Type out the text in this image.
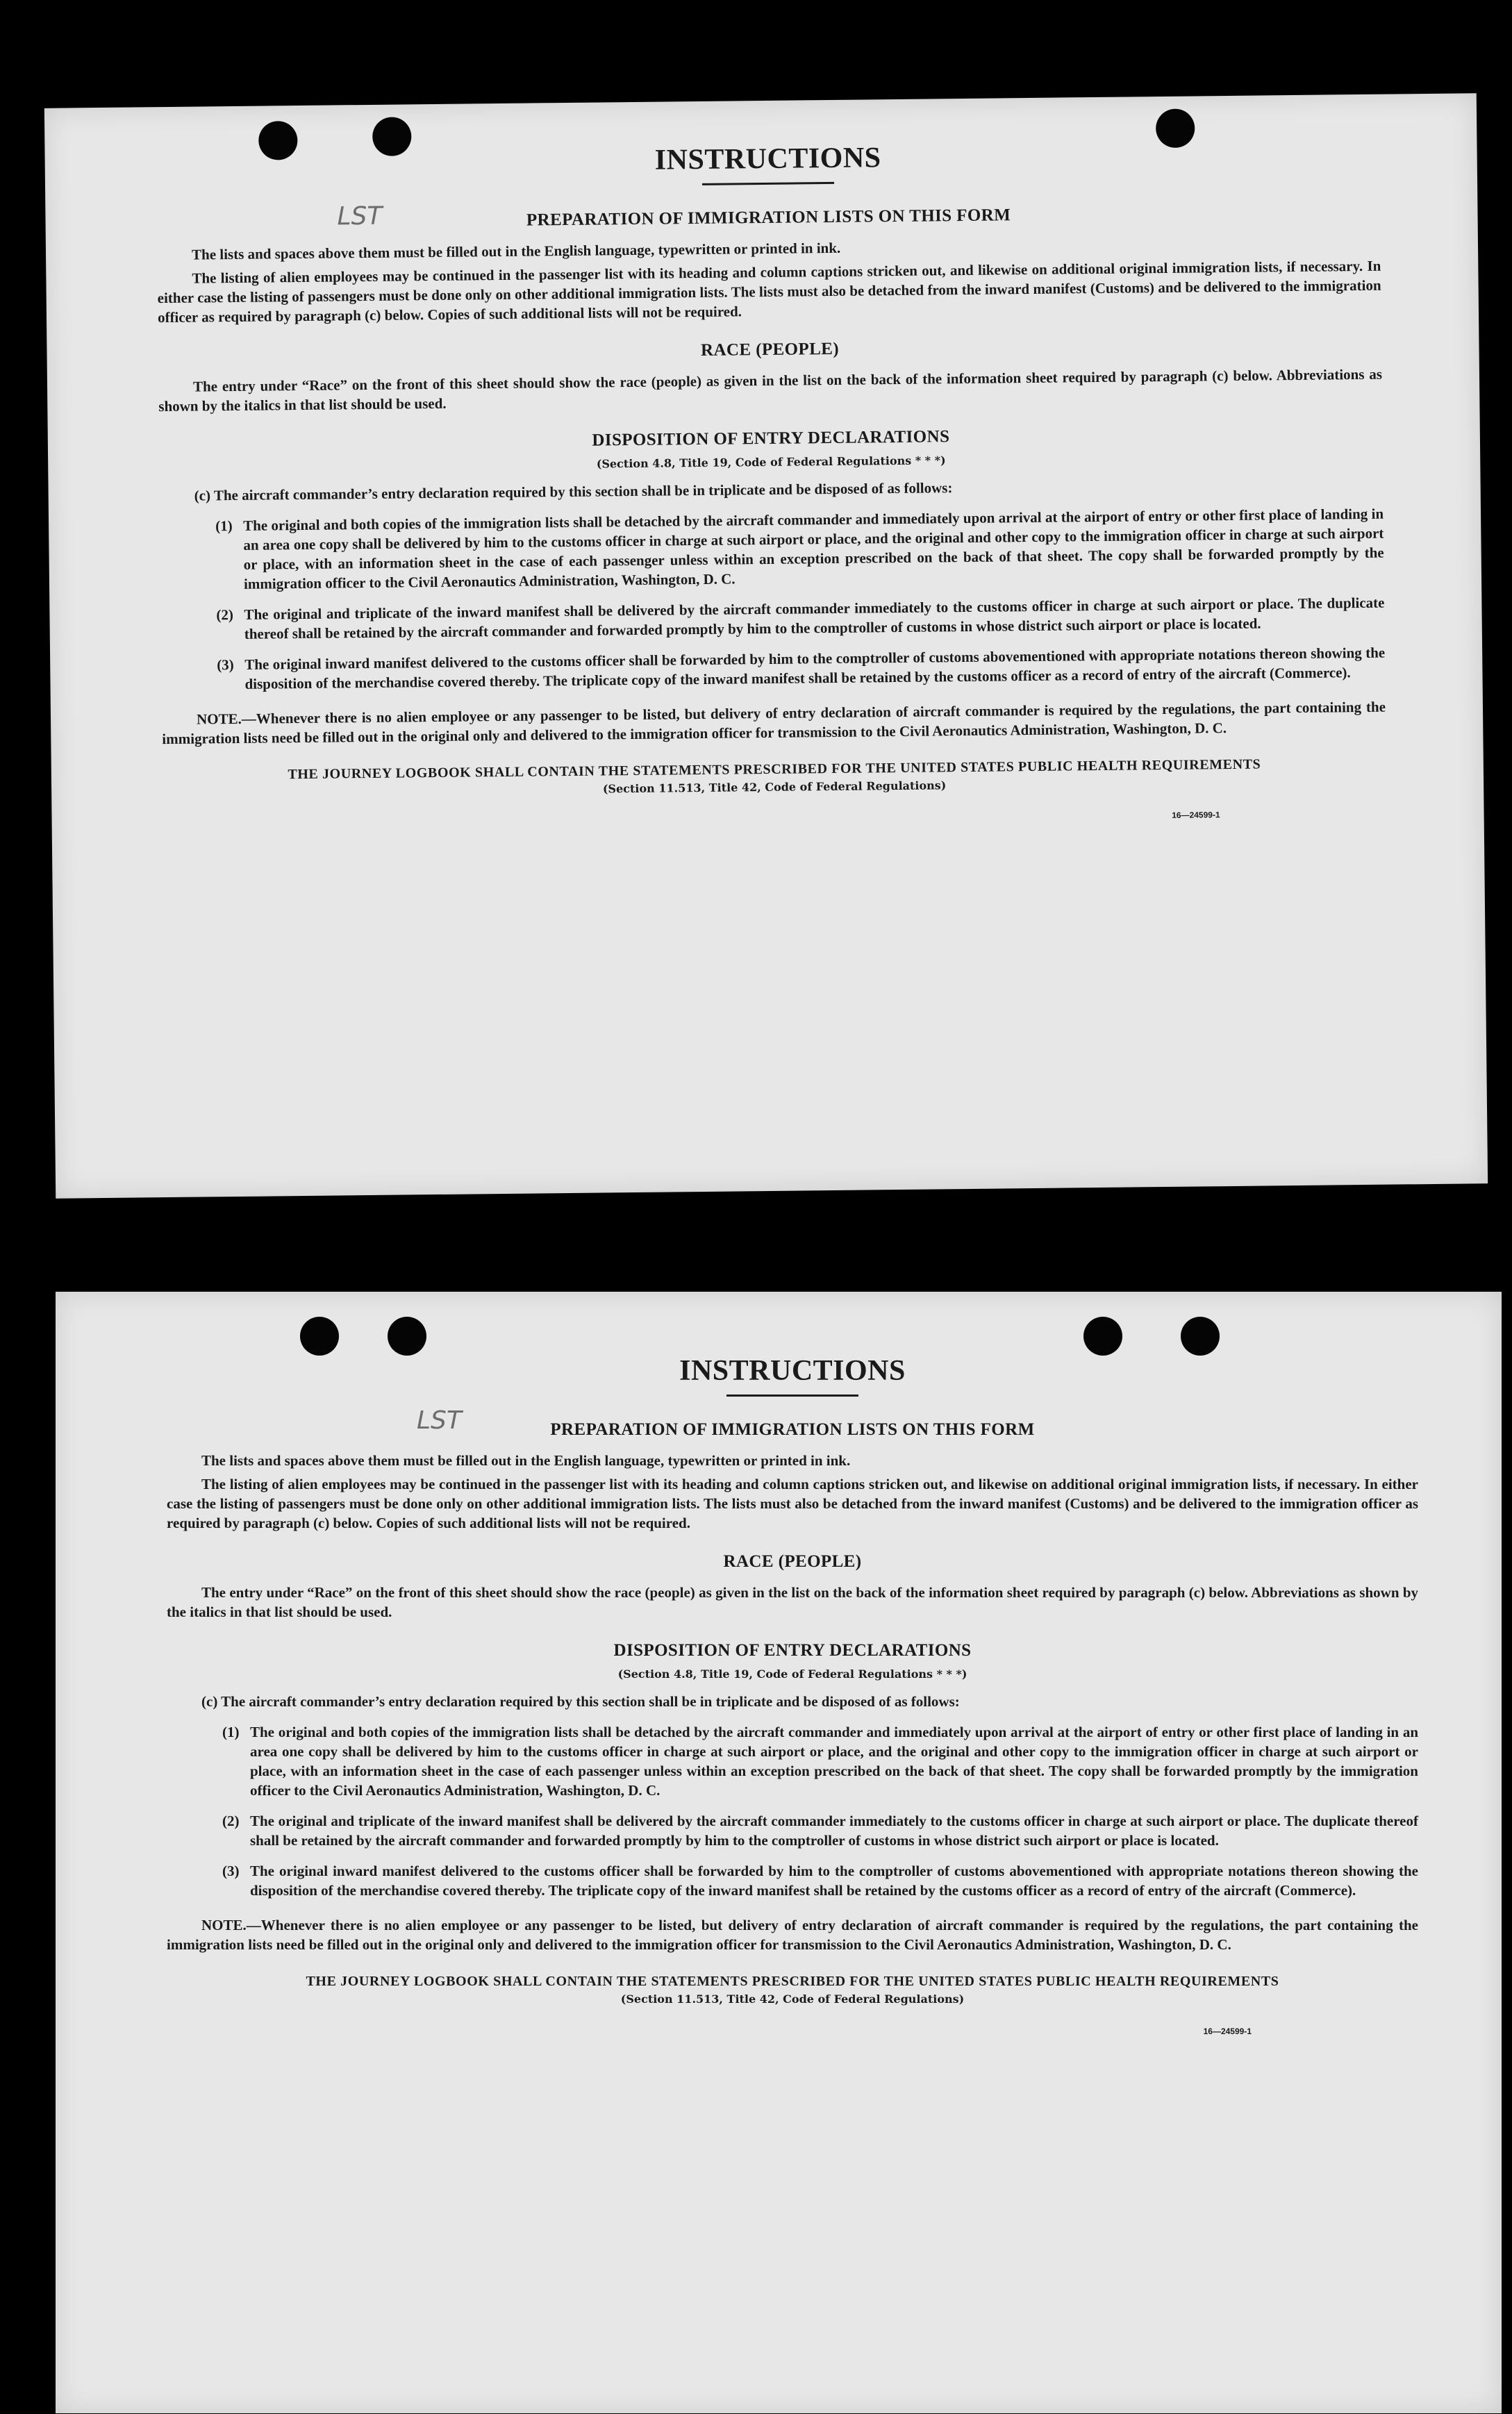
LST
INSTRUCTIONS
PREPARATION OF IMMIGRATION LISTS ON THIS FORM

The lists and spaces above them must be filled out in the English language, typewritten or printed in ink.

The listing of alien employees may be continued in the passenger list with its heading and column captions stricken out, and likewise on additional original immigration lists, if necessary. In either case the listing of passengers must be done only on other additional immigration lists. The lists must also be detached from the inward manifest (Customs) and be delivered to the immigration officer as required by paragraph (c) below. Copies of such additional lists will not be required.

RACE (PEOPLE)

The entry under “Race” on the front of this sheet should show the race (people) as given in the list on the back of the information sheet required by paragraph (c) below. Abbreviations as shown by the italics in that list should be used.

DISPOSITION OF ENTRY DECLARATIONS
(Section 4.8, Title 19, Code of Federal Regulations * * *)

(c) The aircraft commander’s entry declaration required by this section shall be in triplicate and be disposed of as follows:

(1) The original and both copies of the immigration lists shall be detached by the aircraft commander and immediately upon arrival at the airport of entry or other first place of landing in an area one copy shall be delivered by him to the customs officer in charge at such airport or place, and the original and other copy to the immigration officer in charge at such airport or place, with an information sheet in the case of each passenger unless within an exception prescribed on the back of that sheet. The copy shall be forwarded promptly by the immigration officer to the Civil Aeronautics Administration, Washington, D. C.

(2) The original and triplicate of the inward manifest shall be delivered by the aircraft commander immediately to the customs officer in charge at such airport or place. The duplicate thereof shall be retained by the aircraft commander and forwarded promptly by him to the comptroller of customs in whose district such airport or place is located.

(3) The original inward manifest delivered to the customs officer shall be forwarded by him to the comptroller of customs abovementioned with appropriate notations thereon showing the disposition of the merchandise covered thereby. The triplicate copy of the inward manifest shall be retained by the customs officer as a record of entry of the aircraft (Commerce).

NOTE.—Whenever there is no alien employee or any passenger to be listed, but delivery of entry declaration of aircraft commander is required by the regulations, the part containing the immigration lists need be filled out in the original only and delivered to the immigration officer for transmission to the Civil Aeronautics Administration, Washington, D. C.

THE JOURNEY LOGBOOK SHALL CONTAIN THE STATEMENTS PRESCRIBED FOR THE UNITED STATES PUBLIC HEALTH REQUIREMENTS
(Section 11.513, Title 42, Code of Federal Regulations)
16—24599-1
LST
INSTRUCTIONS
PREPARATION OF IMMIGRATION LISTS ON THIS FORM

The lists and spaces above them must be filled out in the English language, typewritten or printed in ink.

The listing of alien employees may be continued in the passenger list with its heading and column captions stricken out, and likewise on additional original immigration lists, if necessary. In either case the listing of passengers must be done only on other additional immigration lists. The lists must also be detached from the inward manifest (Customs) and be delivered to the immigration officer as required by paragraph (c) below. Copies of such additional lists will not be required.

RACE (PEOPLE)

The entry under “Race” on the front of this sheet should show the race (people) as given in the list on the back of the information sheet required by paragraph (c) below. Abbreviations as shown by the italics in that list should be used.

DISPOSITION OF ENTRY DECLARATIONS
(Section 4.8, Title 19, Code of Federal Regulations * * *)

(c) The aircraft commander’s entry declaration required by this section shall be in triplicate and be disposed of as follows:

(1) The original and both copies of the immigration lists shall be detached by the aircraft commander and immediately upon arrival at the airport of entry or other first place of landing in an area one copy shall be delivered by him to the customs officer in charge at such airport or place, and the original and other copy to the immigration officer in charge at such airport or place, with an information sheet in the case of each passenger unless within an exception prescribed on the back of that sheet. The copy shall be forwarded promptly by the immigration officer to the Civil Aeronautics Administration, Washington, D. C.

(2) The original and triplicate of the inward manifest shall be delivered by the aircraft commander immediately to the customs officer in charge at such airport or place. The duplicate thereof shall be retained by the aircraft commander and forwarded promptly by him to the comptroller of customs in whose district such airport or place is located.

(3) The original inward manifest delivered to the customs officer shall be forwarded by him to the comptroller of customs abovementioned with appropriate notations thereon showing the disposition of the merchandise covered thereby. The triplicate copy of the inward manifest shall be retained by the customs officer as a record of entry of the aircraft (Commerce).

NOTE.—Whenever there is no alien employee or any passenger to be listed, but delivery of entry declaration of aircraft commander is required by the regulations, the part containing the immigration lists need be filled out in the original only and delivered to the immigration officer for transmission to the Civil Aeronautics Administration, Washington, D. C.

THE JOURNEY LOGBOOK SHALL CONTAIN THE STATEMENTS PRESCRIBED FOR THE UNITED STATES PUBLIC HEALTH REQUIREMENTS
(Section 11.513, Title 42, Code of Federal Regulations)
16—24599-1
